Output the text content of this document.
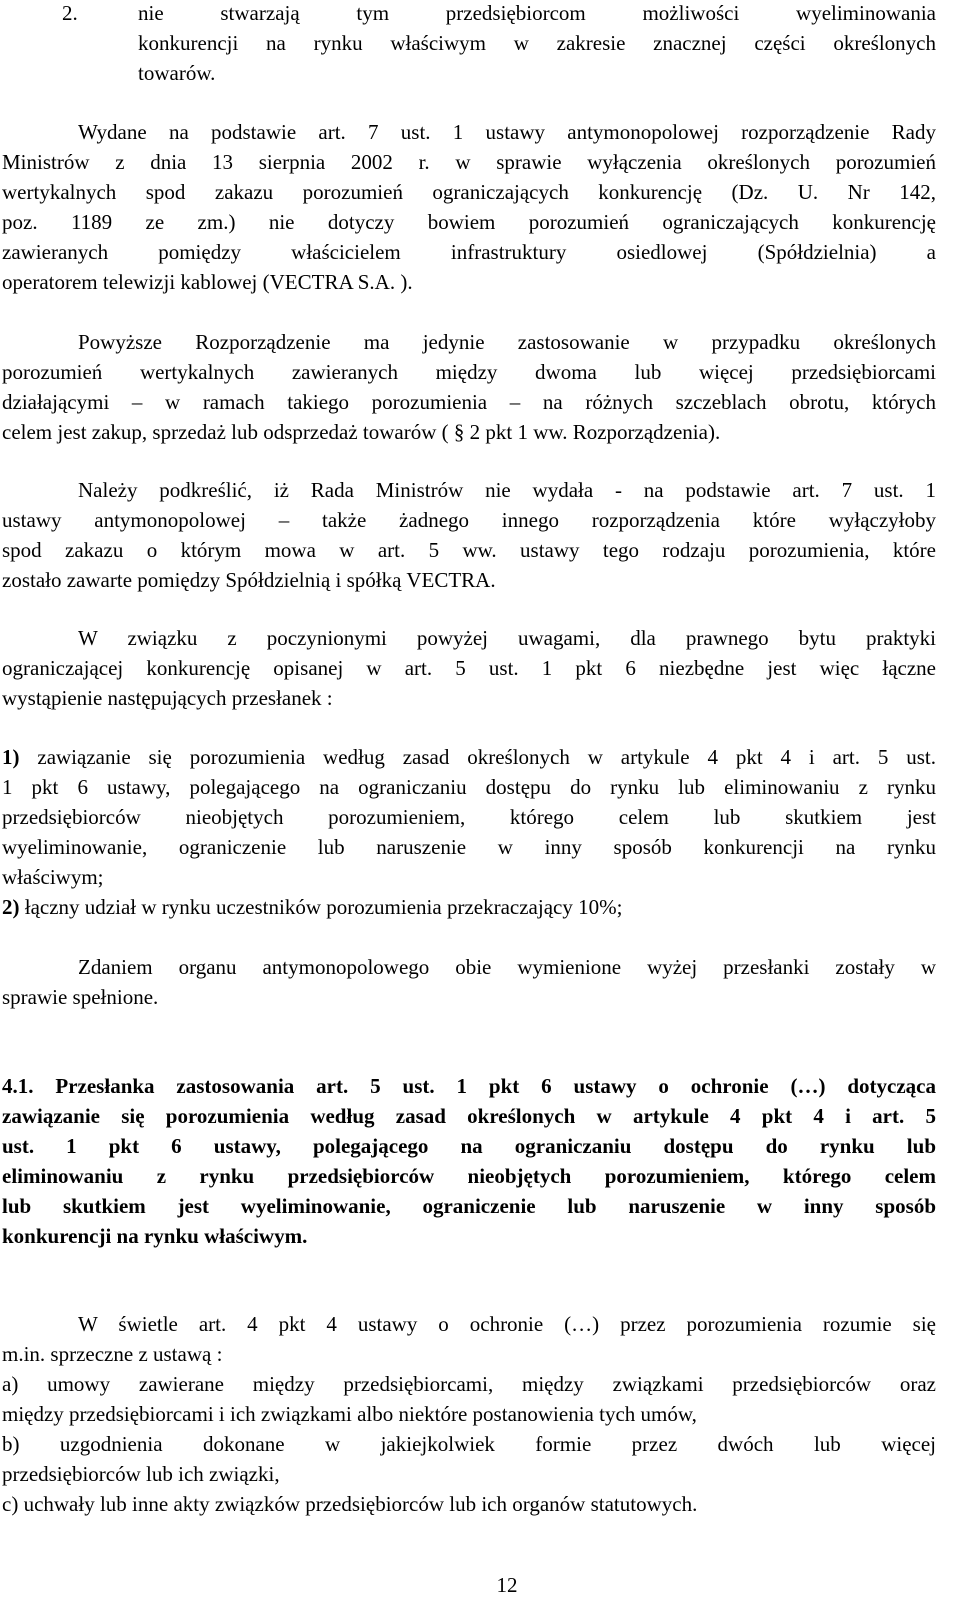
2.	nie stwarzają tym przedsiębiorcom możliwości wyeliminowania
konkurencji na rynku właściwym w zakresie znacznej części określonych
towarów.
Wydane na podstawie art. 7 ust. 1 ustawy antymonopolowej rozporządzenie Rady
Ministrów z dnia 13 sierpnia 2002 r. w sprawie wyłączenia określonych porozumień
wertykalnych spod zakazu porozumień ograniczających konkurencję (Dz. U. Nr 142,
poz. 1189 ze zm.) nie dotyczy bowiem porozumień ograniczających konkurencję
zawieranych pomiędzy właścicielem infrastruktury osiedlowej (Spółdzielnia) a
operatorem telewizji kablowej (VECTRA S.A. ).
Powyższe Rozporządzenie ma jedynie zastosowanie w przypadku określonych
porozumień wertykalnych zawieranych między dwoma lub więcej przedsiębiorcami
działającymi – w ramach takiego porozumienia – na różnych szczeblach obrotu, których
celem jest zakup, sprzedaż lub odsprzedaż towarów ( § 2 pkt 1 ww. Rozporządzenia).
Należy podkreślić, iż Rada Ministrów nie wydała - na podstawie art. 7 ust. 1
ustawy antymonopolowej – także żadnego innego rozporządzenia które wyłączyłoby
spod zakazu o którym mowa w art. 5 ww. ustawy tego rodzaju porozumienia, które
zostało zawarte pomiędzy Spółdzielnią i spółką VECTRA.
W związku z poczynionymi powyżej uwagami, dla prawnego bytu praktyki
ograniczającej konkurencję opisanej w art. 5 ust. 1 pkt 6 niezbędne jest więc łączne
wystąpienie następujących przesłanek :
1) zawiązanie się porozumienia według zasad określonych w artykule 4 pkt 4 i art. 5 ust.
1 pkt 6 ustawy, polegającego na ograniczaniu dostępu do rynku lub eliminowaniu z rynku
przedsiębiorców nieobjętych porozumieniem, którego celem lub skutkiem jest
wyeliminowanie, ograniczenie lub naruszenie w inny sposób konkurencji na rynku
właściwym;
2) łączny udział w rynku uczestników porozumienia przekraczający 10%;
Zdaniem organu antymonopolowego obie wymienione wyżej przesłanki zostały w
sprawie spełnione.
4.1. Przesłanka zastosowania art. 5 ust. 1 pkt 6 ustawy o ochronie (…) dotycząca
zawiązanie się porozumienia według zasad określonych w artykule 4 pkt 4 i art. 5
ust. 1 pkt 6 ustawy, polegającego na ograniczaniu dostępu do rynku lub
eliminowaniu z rynku przedsiębiorców nieobjętych porozumieniem, którego celem
lub skutkiem jest wyeliminowanie, ograniczenie lub naruszenie w inny sposób
konkurencji na rynku właściwym.
W świetle art. 4 pkt 4 ustawy o ochronie (…) przez porozumienia rozumie się
m.in. sprzeczne z ustawą :
a) umowy zawierane między przedsiębiorcami, między związkami przedsiębiorców oraz
między przedsiębiorcami i ich związkami albo niektóre postanowienia tych umów,
b) uzgodnienia dokonane w jakiejkolwiek formie przez dwóch lub więcej
przedsiębiorców lub ich związki,
c) uchwały lub inne akty związków przedsiębiorców lub ich organów statutowych.
12
